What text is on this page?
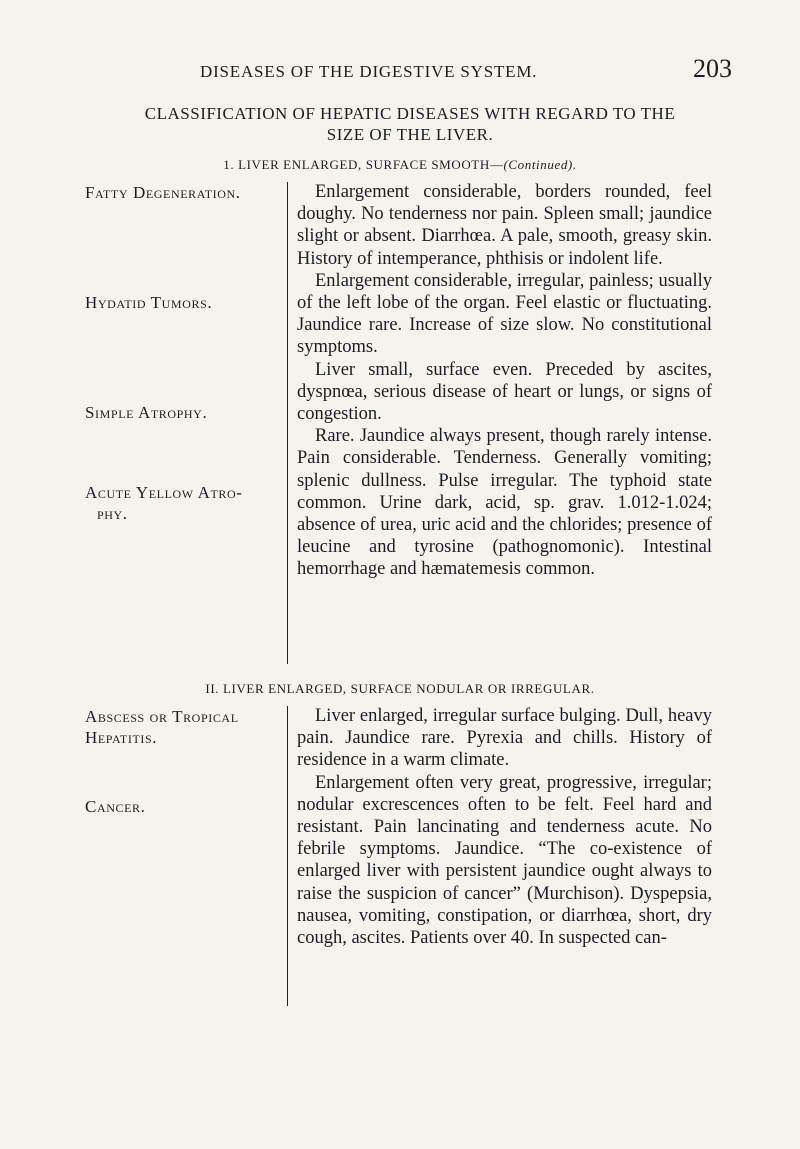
DISEASES OF THE DIGESTIVE SYSTEM.	203
CLASSIFICATION OF HEPATIC DISEASES WITH REGARD TO THE
SIZE OF THE LIVER.
1. LIVER ENLARGED, SURFACE SMOOTH—(Continued).
Fatty Degeneration.
Hydatid Tumors.
Simple Atrophy.
Acute Yellow Atro-
phy.

Enlargement considerable, borders rounded, feel doughy. No tenderness nor pain. Spleen small; jaundice slight or absent. Diarrhœa. A pale, smooth, greasy skin. History of intemperance, phthisis or indolent life.

Enlargement considerable, irregular, painless; usually of the left lobe of the organ. Feel elastic or fluctuating. Jaundice rare. Increase of size slow. No constitutional symptoms.

Liver small, surface even. Preceded by ascites, dyspnœa, serious disease of heart or lungs, or signs of congestion.

Rare. Jaundice always present, though rarely intense. Pain considerable. Tenderness. Generally vomiting; splenic dullness. Pulse irregular. The typhoid state common. Urine dark, acid, sp. grav. 1.012-1.024; absence of urea, uric acid and the chlorides; presence of leucine and tyrosine (pathognomonic). Intestinal hemorrhage and hæmatemesis common.

II. LIVER ENLARGED, SURFACE NODULAR OR IRREGULAR.
Abscess or Tropical
Hepatitis.
Cancer.

Liver enlarged, irregular surface bulging. Dull, heavy pain. Jaundice rare. Pyrexia and chills. History of residence in a warm climate.

Enlargement often very great, progressive, irregular; nodular excrescences often to be felt. Feel hard and resistant. Pain lancinating and tenderness acute. No febrile symptoms. Jaundice. “The co-existence of enlarged liver with persistent jaundice ought always to raise the suspicion of cancer” (Murchison). Dyspepsia, nausea, vomiting, constipation, or diarrhœa, short, dry cough, ascites. Patients over 40. In suspected can-
